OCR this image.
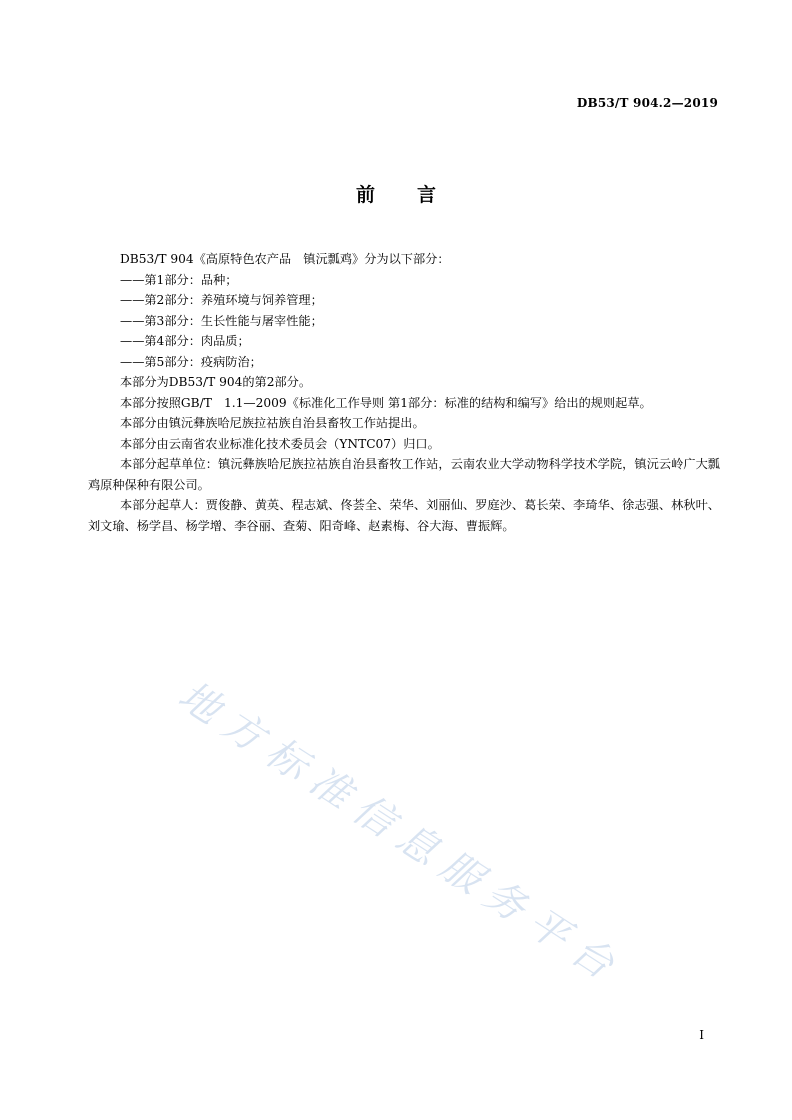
DB53/T 904.2—2019
前 言

DB53/T 904《高原特色农产品　镇沅瓢鸡》分为以下部分：

——第1部分：品种；

——第2部分：养殖环境与饲养管理；

——第3部分：生长性能与屠宰性能；

——第4部分：肉品质；

——第5部分：疫病防治；

本部分为DB53/T 904的第2部分。

本部分按照GB/T　1.1—2009《标准化工作导则 第1部分：标准的结构和编写》给出的规则起草。

本部分由镇沅彝族哈尼族拉祜族自治县畜牧工作站提出。

本部分由云南省农业标准化技术委员会（YNTC07）归口。

本部分起草单位：镇沅彝族哈尼族拉祜族自治县畜牧工作站，云南农业大学动物科学技术学院，镇沅云岭广大瓢鸡原种保种有限公司。

本部分起草人：贾俊静、黄英、程志斌、佟荟全、荣华、刘丽仙、罗庭沙、葛长荣、李琦华、徐志强、林秋叶、刘文瑜、杨学昌、杨学增、李谷丽、查菊、阳奇峰、赵素梅、谷大海、曹振辉。

地方标准信息服务平台
I
